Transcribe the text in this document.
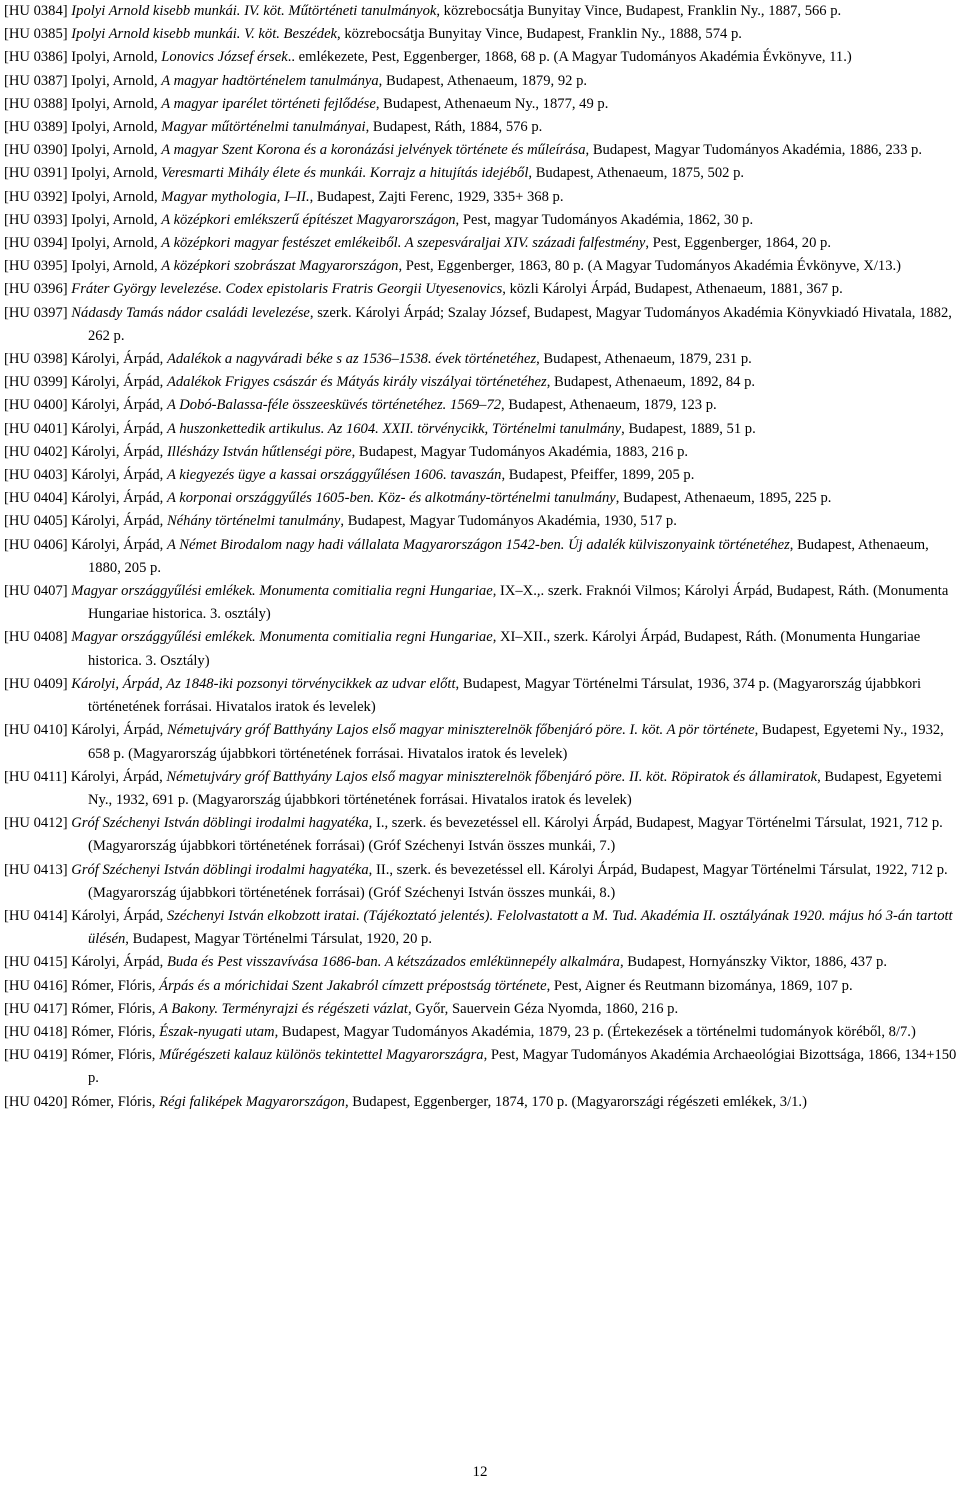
[HU 0384] Ipolyi Arnold kisebb munkái. IV. köt. Műtörténeti tanulmányok, közrebocsátja Bunyitay Vince, Budapest, Franklin Ny., 1887, 566 p.

[HU 0385] Ipolyi Arnold kisebb munkái. V. köt. Beszédek, közrebocsátja Bunyitay Vince, Budapest, Franklin Ny., 1888, 574 p.

[HU 0386] Ipolyi, Arnold, Lonovics József érsek.. emlékezete, Pest, Eggenberger, 1868, 68 p. (A Magyar Tudományos Akadémia Évkönyve, 11.)

[HU 0387] Ipolyi, Arnold, A magyar hadtörténelem tanulmánya, Budapest, Athenaeum, 1879, 92 p.

[HU 0388] Ipolyi, Arnold, A magyar iparélet történeti fejlődése, Budapest, Athenaeum Ny., 1877, 49 p.

[HU 0389] Ipolyi, Arnold, Magyar műtörténelmi tanulmányai, Budapest, Ráth, 1884, 576 p.

[HU 0390] Ipolyi, Arnold, A magyar Szent Korona és a koronázási jelvények története és műleírása, Budapest, Magyar Tudományos Akadémia, 1886, 233 p.

[HU 0391] Ipolyi, Arnold, Veresmarti Mihály élete és munkái. Korrajz a hitujítás idejéből, Budapest, Athenaeum, 1875, 502 p.

[HU 0392] Ipolyi, Arnold, Magyar mythologia, I–II., Budapest, Zajti Ferenc, 1929, 335+ 368 p.

[HU 0393] Ipolyi, Arnold, A középkori emlékszerű építészet Magyarországon, Pest, magyar Tudományos Akadémia, 1862, 30 p.

[HU 0394] Ipolyi, Arnold, A középkori magyar festészet emlékeiből. A szepesváraljai XIV. századi falfestmény, Pest, Eggenberger, 1864, 20 p.

[HU 0395] Ipolyi, Arnold, A középkori szobrászat Magyarországon, Pest, Eggenberger, 1863, 80 p. (A Magyar Tudományos Akadémia Évkönyve, X/13.)

[HU 0396] Fráter György levelezése. Codex epistolaris Fratris Georgii Utyesenovics, közli Károlyi Árpád, Budapest, Athenaeum, 1881, 367 p.

[HU 0397] Nádasdy Tamás nádor családi levelezése, szerk. Károlyi Árpád; Szalay József, Budapest, Magyar Tudományos Akadémia Könyvkiadó Hivatala, 1882, 262 p.

[HU 0398] Károlyi, Árpád, Adalékok a nagyváradi béke s az 1536–1538. évek történetéhez, Budapest, Athenaeum, 1879, 231 p.

[HU 0399] Károlyi, Árpád, Adalékok Frigyes császár és Mátyás király viszályai történetéhez, Budapest, Athenaeum, 1892, 84 p.

[HU 0400] Károlyi, Árpád, A Dobó-Balassa-féle összeesküvés történetéhez. 1569–72, Budapest, Athenaeum, 1879, 123 p.

[HU 0401] Károlyi, Árpád, A huszonkettedik artikulus. Az 1604. XXII. törvénycikk, Történelmi tanulmány, Budapest, 1889, 51 p.

[HU 0402] Károlyi, Árpád, Illésházy István hűtlenségi pöre, Budapest, Magyar Tudományos Akadémia, 1883, 216 p.

[HU 0403] Károlyi, Árpád, A kiegyezés ügye a kassai országgyűlésen 1606. tavaszán, Budapest, Pfeiffer, 1899, 205 p.

[HU 0404] Károlyi, Árpád, A korponai országgyűlés 1605-ben. Köz- és alkotmány-történelmi tanulmány, Budapest, Athenaeum, 1895, 225 p.

[HU 0405] Károlyi, Árpád, Néhány történelmi tanulmány, Budapest, Magyar Tudományos Akadémia, 1930, 517 p.

[HU 0406] Károlyi, Árpád, A Német Birodalom nagy hadi vállalata Magyarországon 1542-ben. Új adalék külviszonyaink történetéhez, Budapest, Athenaeum, 1880, 205 p.

[HU 0407] Magyar országgyűlési emlékek. Monumenta comitialia regni Hungariae, IX–X.,. szerk. Fraknói Vilmos; Károlyi Árpád, Budapest, Ráth. (Monumenta Hungariae historica. 3. osztály)

[HU 0408] Magyar országgyűlési emlékek. Monumenta comitialia regni Hungariae, XI–XII., szerk. Károlyi Árpád, Budapest, Ráth. (Monumenta Hungariae historica. 3. Osztály)

[HU 0409] Károlyi, Árpád, Az 1848-iki pozsonyi törvénycikkek az udvar előtt, Budapest, Magyar Történelmi Társulat, 1936, 374 p. (Magyarország újabbkori történetének forrásai. Hivatalos iratok és levelek)

[HU 0410] Károlyi, Árpád, Németujváry gróf Batthyány Lajos első magyar miniszterelnök főbenjáró pöre. I. köt. A pör története, Budapest, Egyetemi Ny., 1932, 658 p. (Magyarország újabbkori történetének forrásai. Hivatalos iratok és levelek)

[HU 0411] Károlyi, Árpád, Németujváry gróf Batthyány Lajos első magyar miniszterelnök főbenjáró pöre. II. köt. Röpiratok és államiratok, Budapest, Egyetemi Ny., 1932, 691 p. (Magyarország újabbkori történetének forrásai. Hivatalos iratok és levelek)

[HU 0412] Gróf Széchenyi István döblingi irodalmi hagyatéka, I., szerk. és bevezetéssel ell. Károlyi Árpád, Budapest, Magyar Történelmi Társulat, 1921, 712 p. (Magyarország újabbkori történetének forrásai) (Gróf Széchenyi István összes munkái, 7.)

[HU 0413] Gróf Széchenyi István döblingi irodalmi hagyatéka, II., szerk. és bevezetéssel ell. Károlyi Árpád, Budapest, Magyar Történelmi Társulat, 1922, 712 p. (Magyarország újabbkori történetének forrásai) (Gróf Széchenyi István összes munkái, 8.)

[HU 0414] Károlyi, Árpád, Széchenyi István elkobzott iratai. (Tájékoztató jelentés). Felolvastatott a M. Tud. Akadémia II. osztályának 1920. május hó 3-án tartott ülésén, Budapest, Magyar Történelmi Társulat, 1920, 20 p.

[HU 0415] Károlyi, Árpád, Buda és Pest visszavívása 1686-ban. A kétszázados emlékünnepély alkalmára, Budapest, Hornyánszky Viktor, 1886, 437 p.

[HU 0416] Rómer, Flóris, Árpás és a mórichidai Szent Jakabról címzett prépostság története, Pest, Aigner és Reutmann bizománya, 1869, 107 p.

[HU 0417] Rómer, Flóris, A Bakony. Terményrajzi és régészeti vázlat, Győr, Sauervein Géza Nyomda, 1860, 216 p.

[HU 0418] Rómer, Flóris, Észak-nyugati utam, Budapest, Magyar Tudományos Akadémia, 1879, 23 p. (Értekezések a történelmi tudományok köréből, 8/7.)

[HU 0419] Rómer, Flóris, Műrégészeti kalauz különös tekintettel Magyarországra, Pest, Magyar Tudományos Akadémia Archaeológiai Bizottsága, 1866, 134+150 p.

[HU 0420] Rómer, Flóris, Régi faliképek Magyarországon, Budapest, Eggenberger, 1874, 170 p. (Magyarországi régészeti emlékek, 3/1.)

12
